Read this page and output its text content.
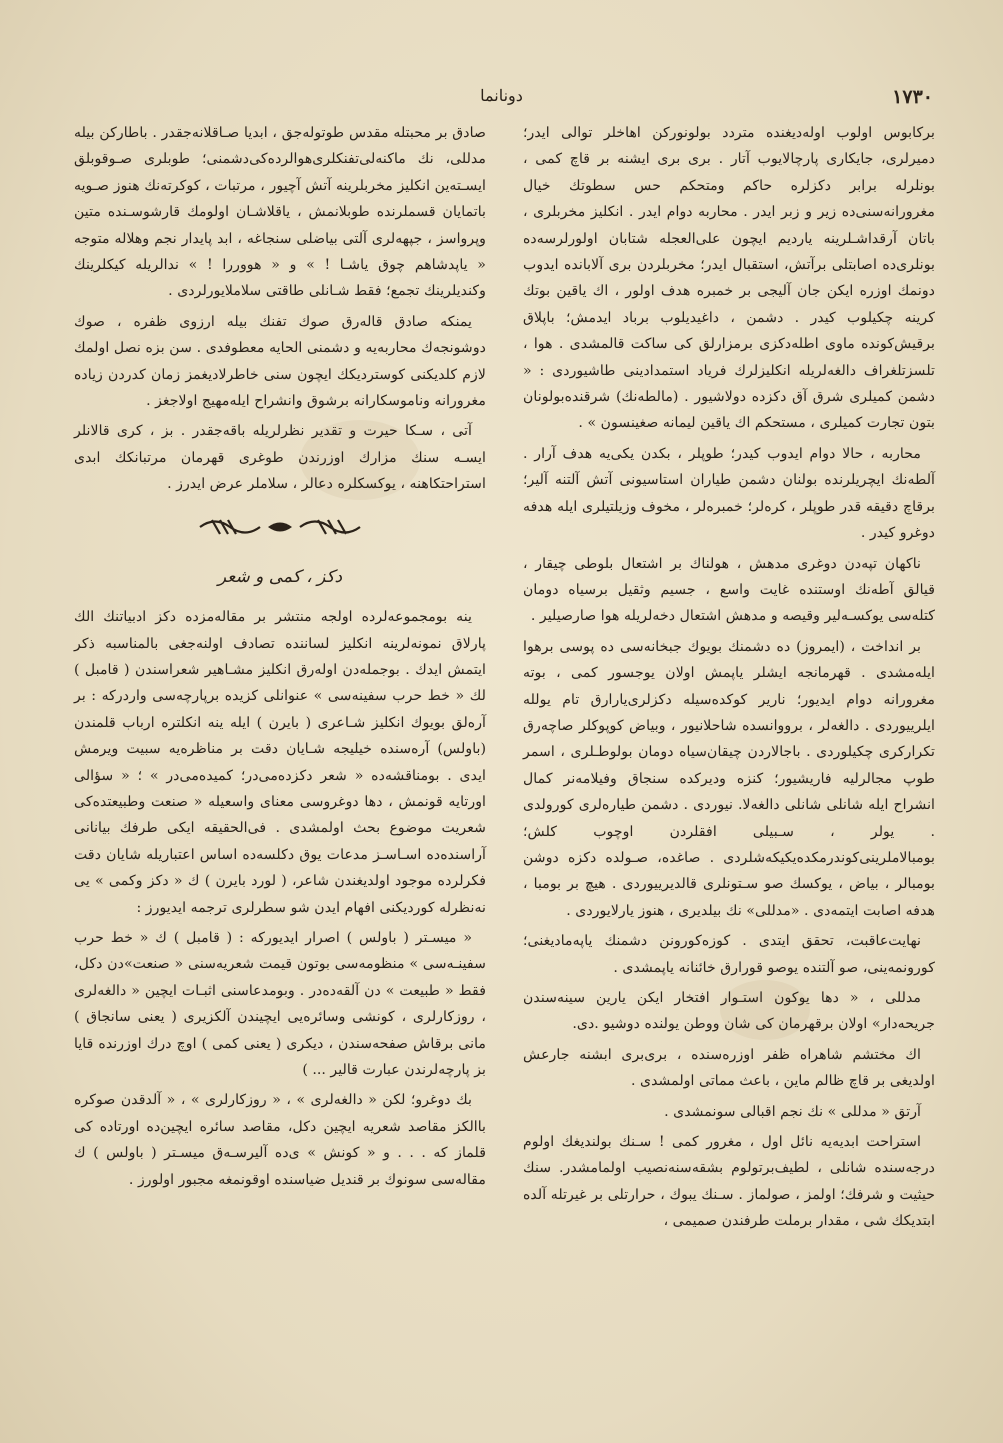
١٧٣٠
دونانما

برکابوس اولوب اولەدیغندە متردد بولونورکن اهاخلر توالی ایدر؛ دمیرلری، جایکاری پارچالایوب آتار . بری بری ایشنه بر قاچ کمی‌ ، بونلرله برابر دکزلرە حاکم ومتحکم حس سطوتك خیال مغرورانەسنی‌دە زیر و زبر ایدر . محاربه دوام ایدر . انکلیز مخربلری ، باتان آرقداشـلرینه یاردیم ایچون علی‌العجله شتابان اولورلرسەدە بونلری‌دە اصابتلی برآتش، استقبال ایدر؛ مخربلردن بری آلاباندە ایدوب دونمك اوزرە ایکن جان آلیجی بر خمبره هدف اولور ، اك یاقین بوتك کرینه چکیلوب کیدر . دشمن ، داغیدیلوب برباد ایدمش؛ باپلاق برقیش‌کوندە ماوی اطلەدکزی برمزارلق کی ساکت قالمشدی . هوا ، تلسزتلغراف دالغەلریلە انکلیزلرك فریاد استمدادینی طاشیوردی : « دشمن کمیلری شرق آق دکزدە دولاشیور . (مالطەنك) شرقندەبولونان بتون تجارت کمیلری ، مستحکم اك یاقین لیمانە صغینسون » .

محاربه ، حالا دوام ایدوب کیدر؛ طوپلر ، بکدن یکی‌یە هدف آرار . آلطەنك ایچریلرندە بولنان دشمن طیاران استاسیونی آتش آلتنە آلیر؛ برقاچ دقیقە قدر طوپلر ، کرەلر؛ خمبرەلر ، مخوف وزیلتیلری ایلە هدفە دوغرو کیدر .

ناکهان تپەدن دوغری مدهش ، هولناك بر اشتعال بلوطی چیقار ، قیالق آطەنك اوستندە غایت واسع ، جسیم وثقیل برسیاە دومان کتلەسی یوکسـەلیر وقیصه و مدهش اشتعال دخەلریلە هوا صارصیلیر .

بر انداخت ، (ایمروز) دە دشمنك بویوك جبخانەسی ده پوسی برهوا ایلەمشدی . قهرمانجە ایشلر یاپمش اولان یوجسور کمی ، بوتە مغرورانە دوام ایدیور؛ ناریر کوکدەسیله دکزلری‌یارارق تام یوللە ایلرییوردی . دالغەلر ، برووانسدە شاحلانیور ، وبیاض کوپوکلر صاچەرق تکرارکری چکیلوردی . باجالاردن چیقان‌سیاه دومان بولوطـلری ، اسمر طوپ مجالرلیە فاریشیور؛ کنزە ودیرکدە سنجاق وفیلامەنر کمال انشراح ایلە شانلی شانلی دالغەلا. نیوردی . دشمن طیارەلری کورولدی . یولر ، سـبیلی‌ افقلردن اوچوب کلش؛ بومبالاملرینی‌کوندرمکدەیکیکەشلردی . صاغدە، صـولدە دکزە دوشن بومبالر ، بیاض ، یوکسك صو سـتونلری قالدیرییوردی . هیچ بر بومبا ، هدفە اصابت ایتمەدی . «مدللی» نك بیلدیری ، هنوز یارلایوردی .

نهایت‌عاقبت، تحقق ایتدی . کوزەکورونن دشمنك یاپەمادیغنی؛ کورونمەینی، صو آلتندە یوصو قورارق خائنانە یاپمشدی .

مدللی ، « دها یوکون استـوار افتخار ایکن یارین سینەسندن جریحەدار» اولان برقهرمان کی شان ووطن یولندە دوشیو .دی.

اك مختشم شاهراه ظفر اوزرەسندە ، بری‌بری ابشنە جارعش اولدیغی بر قاچ ظالم ماین ، باعث مماتی اولمشدی .

آرتق « مدللی » نك نجم اقبالی سونمشدی .

استراحت ابدیه‌یە نائل اول ، مغرور کمی ! سـنك بولندیغك اولوم درجەسندە شانلی ، لطیف‌برتولوم بشقەسنەنصیب اولمامشدر. سنك حیثیت و شرفك؛ اولمز ، صولماز . سـنك یبوك ، حرارتلی بر غیرتلە آلدە ابتدیکك شی‌ ، مقدار برملت طرفندن صمیمی ،

صادق بر محبتلە مقدس طوتولەجق ، ابدیا صـاقلانەجقدر . باطارکن بیلە مدللی، نك ماکنەلی‌تفنکلری‌هوالردەکی‌دشمنی؛ طوبلری صـوقوبلق ایسـتەین انکلیز مخربلرینە آتش آچیور ، مرتبات ، کوکرتەنك هنوز صـویە باتمایان قسملرندە طوبلانمش ، یاقلاشـان اولومك قارشوسـندە متین وپرواسز ، جپهەلری آلتی بیاضلی سنجاغە ، ابد پایدار نجم وهلالە متوجە « یاپدشاهم چوق یاشـا ! » و « هووررا ! » ندالریلە کیکلرینك وکندیلرینك تجمع؛ فقط شـانلی طاقتی سلاملایورلردی .

یمنکە صادق قالەرق صوك تفنك بیلە ارزوی ظفرە ، صوك دوشونجەك محاربەیە و دشمنی الحایە معطوفدی . سن بزە نصل اولمك لازم کلدیکنی کوستردیکك ایچون سنی خاطرلادیغمز زمان کدردن زیادە مغرورانە وناموسکارانە برشوق وانشراح ایلەمهیج اولاجغز .

آتی ، سـکا حیرت و تقدیر نظرلریلە باقەجقدر . بز ، کری قالانلر ایسـە سنك مزارك اوزرندن طوغری قهرمان مرتبانكك ابدی استراحتکاهنە ، یوکسکلرە دعالر ، سلاملر عرض ایدرز .

دکز ، کمی و شعر

ینە بومجموعەلردە اولجە منتشر بر مقالەمزدە دکز ادبیاتنك الك پارلاق نمونەلرینە انکلیز لسانندە تصادف اولنەجغی بالمناسبه ذکر ایتمش ایدك . بوجملەدن اولەرق انکلیز مشـاهیر شعراسندن ( قامبل ) لك « خط حرب سفینەسی » عنوانلی کزیده برپارچەسی واردرکه : بر آرەلق بویوك انکلیز شـاعری ( بایرن ) ایلە ینە انکلترە ارباب قلمندن (باولس) آرەسندە خیلیجە شـایان دقت بر مناظرەیە سبیت ویرمش ایدی . بومناقشەدە « شعر دکزدەمی‌در؛ کمیدەمی‌در » ؛ « سؤالی اورتایە قونمش ، دها دوغروسی معنای واسعیلە « صنعت وطبیعتدەکی شعریت موضوع بحث اولمشدی . فی‌الحقیقە ایکی طرفك بیانانی آراسندەدە اسـاسـز مدعات یوق دکلسەدە اساس اعتباریلە شایان دقت فکرلردە موجود اولدیغندن شاعر، ( لورد بایرن ) ك « دکز وکمی » یی نەنظرلە کوردیکنی افهام ایدن شو سطرلری ترجمە ایدیورز :

« میسـتر ( باولس ) اصرار ایدیورکە : ( قامبل ) ك « خط حرب سفینـەسی » منظومەسی بوتون قیمت شعریەسنی « صنعت»دن دکل، فقط « طبیعت » دن آلقەدەدر . وبومدعاسنی اثبـات ایچین « دالغەلری ، روزکارلری ، کونشی وسائرەیی ایچیندن آلکزیری ( یعنی سانجاق ) مانی برقاش صفحەسندن ، دیکری ( یعنی کمی ) اوچ درك اوزرندە قایا بز پارچەلرندن عبارت قالیر ... )

بك دوغرو؛ لکن « دالغەلری » ، « روزکارلری » ، « آلدقدن صوکرە باالکز مقاصد شعریە ایچین دکل، مقاصد سائرە ایچین‌دە اورتادە کی قلماز کە . . . و « کونش » ی‌دە آلیرسـەق میسـتر ( باولس ) ك مقالەسی سونوك بر قندیل ضیاسندە اوقونمغە مجبور اولورز .
